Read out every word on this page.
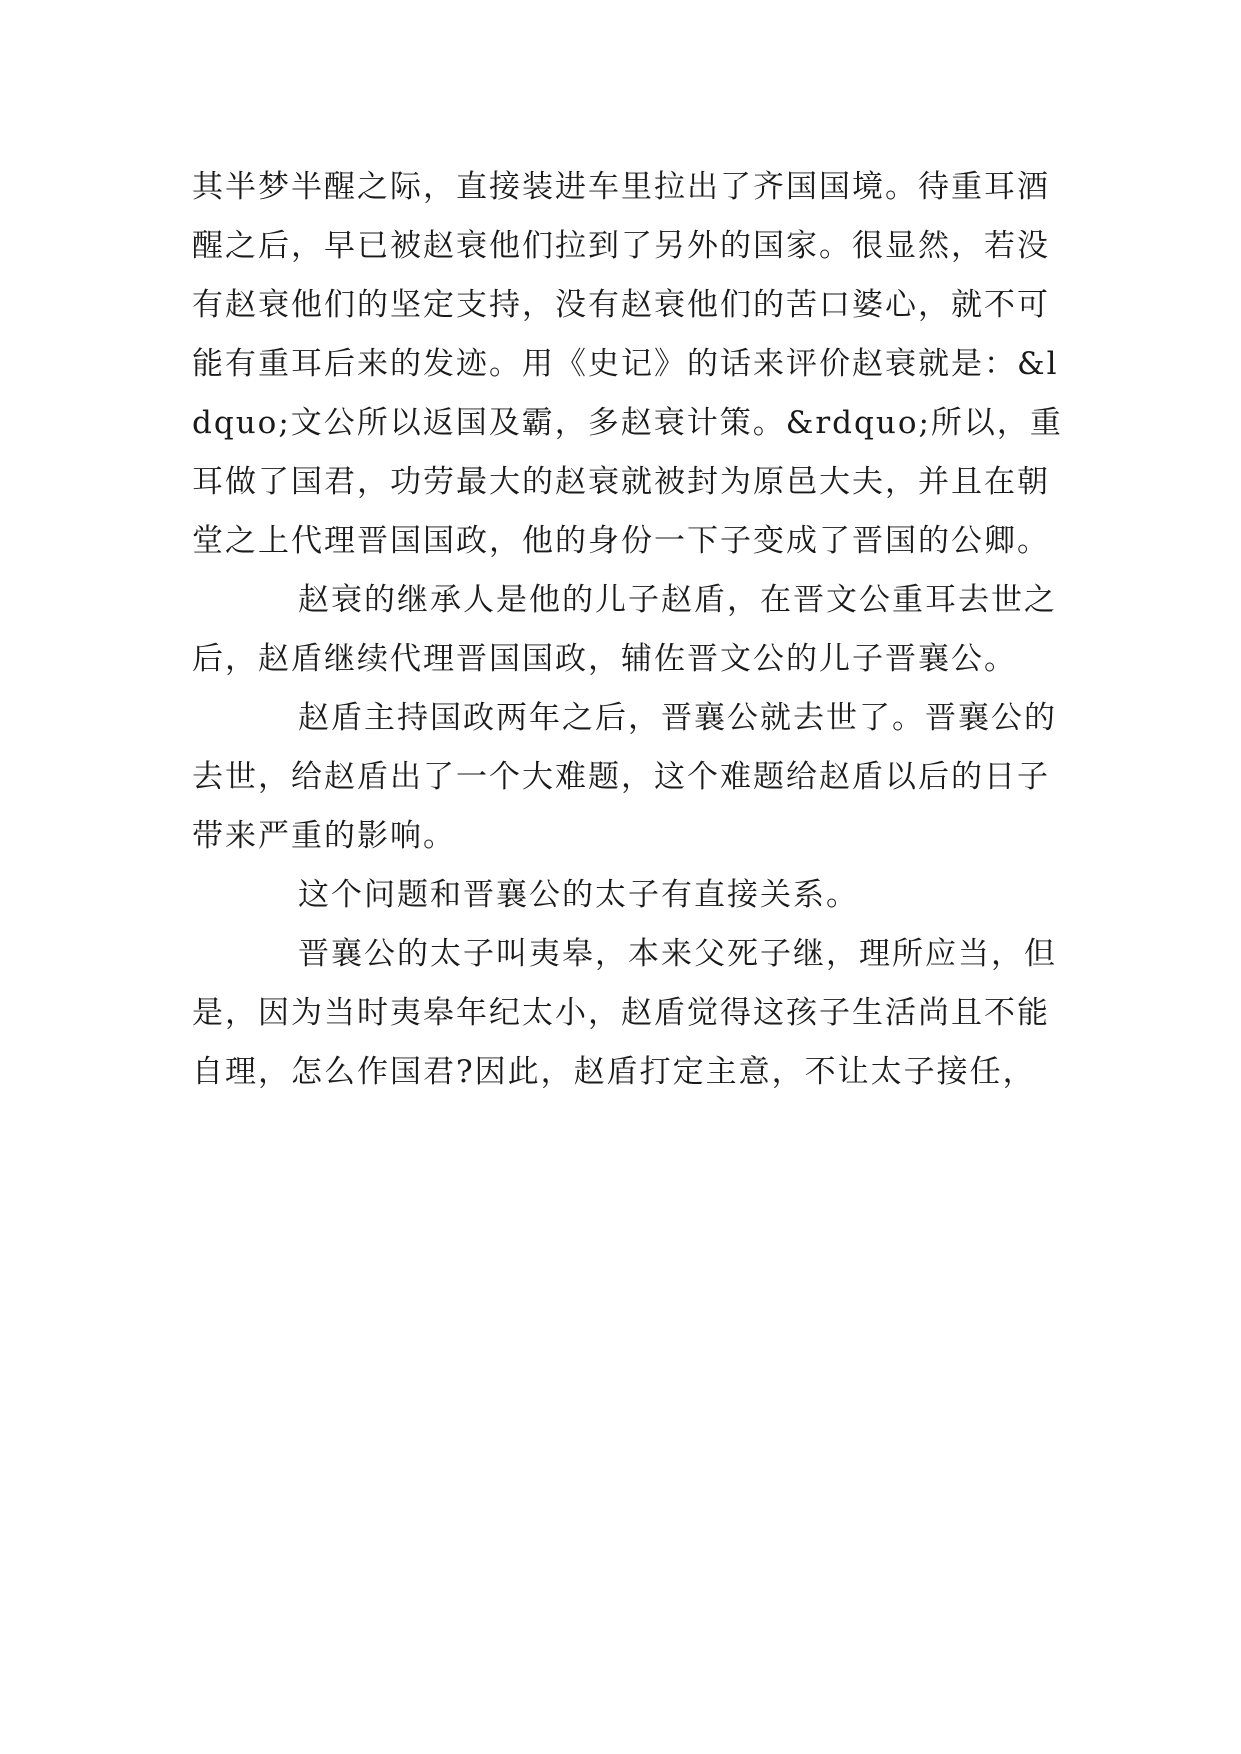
其半梦半醒之际，直接装进车里拉出了齐国国境。待重耳酒醒之后，早已被赵衰他们拉到了另外的国家。很显然，若没有赵衰他们的坚定支持，没有赵衰他们的苦口婆心，就不可能有重耳后来的发迹。用《史记》的话来评价赵衰就是：&ldquo;文公所以返国及霸，多赵衰计策。&rdquo;所以，重耳做了国君，功劳最大的赵衰就被封为原邑大夫，并且在朝堂之上代理晋国国政，他的身份一下子变成了晋国的公卿。

赵衰的继承人是他的儿子赵盾，在晋文公重耳去世之后，赵盾继续代理晋国国政，辅佐晋文公的儿子晋襄公。

赵盾主持国政两年之后，晋襄公就去世了。晋襄公的去世，给赵盾出了一个大难题，这个难题给赵盾以后的日子带来严重的影响。

这个问题和晋襄公的太子有直接关系。

晋襄公的太子叫夷皋，本来父死子继，理所应当，但是，因为当时夷皋年纪太小，赵盾觉得这孩子生活尚且不能自理，怎么作国君?因此，赵盾打定主意，不让太子接任，
